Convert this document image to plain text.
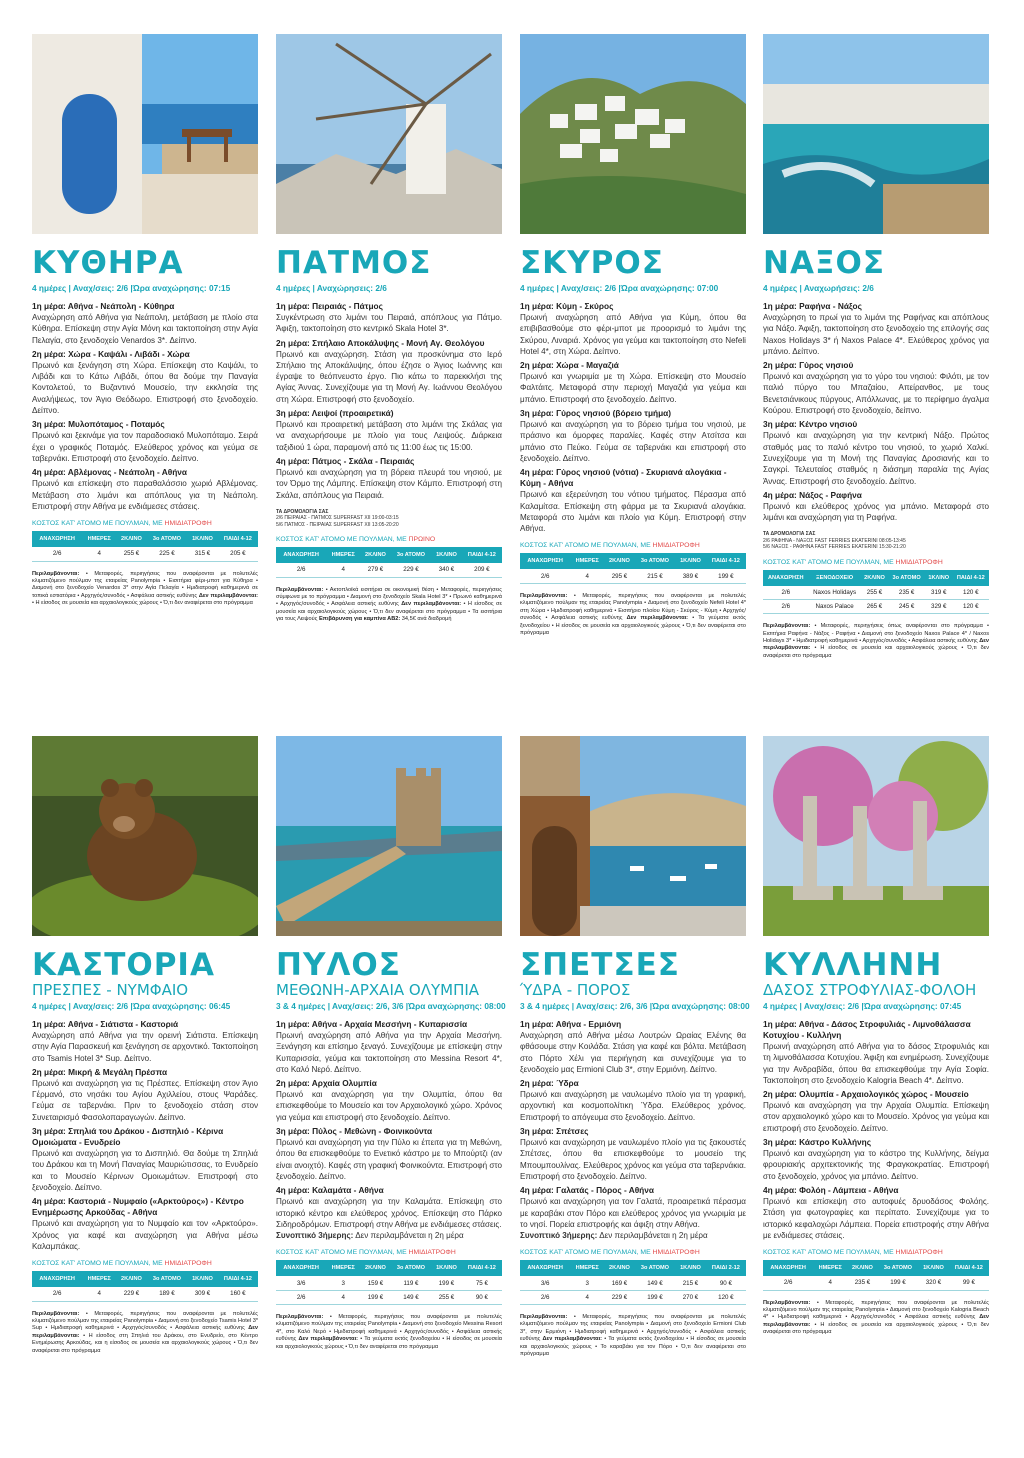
ΚΥΘΗΡΑ
4 ημέρες | Αναχ/σεις: 2/6 |Ώρα αναχώρησης: 07:15
1η μέρα: Αθήνα - Νεάπολη - Κύθηρα
Αναχώρηση από Αθήνα για Νεάπολη, μετάβαση με πλοίο στα Κύθηρα. Επίσκεψη στην Αγία Μόνη και τακτοποίηση στην Αγία Πελαγία, στο ξενοδοχείο Venardos 3*. Δείπνο.
2η μέρα: Χώρα - Καψάλι - Λιβάδι - Χώρα
Πρωινό και ξενάγηση στη Χώρα. Επίσκεψη στο Καψάλι, το Λιβάδι και το Κάτω Λιβάδι, όπου θα δούμε την Παναγία Κοντολετού, το Βυζαντινό Μουσείο, την εκκλησία της Αναλήψεως, τον Άγιο Θεόδωρο. Επιστροφή στο ξενοδοχείο. Δείπνο.
3η μέρα: Μυλοπόταμος - Ποταμός
Πρωινό και ξεκινάμε για τον παραδοσιακό Μυλοπόταμο. Σειρά έχει ο γραφικός Ποταμός. Ελεύθερος χρόνος και γεύμα σε ταβερνάκι. Επιστροφή στο ξενοδοχείο. Δείπνο.
4η μέρα: Αβλέμονας - Νεάπολη - Αθήνα
Πρωινό και επίσκεψη στο παραθαλάσσιο χωριό Αβλέμονας. Μετάβαση στο λιμάνι και απόπλους για τη Νεάπολη. Επιστροφή στην Αθήνα με ενδιάμεσες στάσεις.
ΚΟΣΤΟΣ ΚΑΤ' ΑΤΟΜΟ ΜΕ ΠΟΥΛΜΑΝ, ΜΕ ΗΜΙΔΙΑΤΡΟΦΗ
ΑΝΑΧΩΡΗΣΗ	ΗΜΕΡΕΣ	2ΚΛΙΝΟ	3ο ΑΤΟΜΟ	1ΚΛΙΝΟ	ΠΑΙΔΙ 4-12
2/6	4	255 €	225 €	315 €	205 €
Περιλαμβάνονται: • Μεταφορές, περιηγήσεις που αναφέρονται με πολυτελές κλιματιζόμενο πούλμαν της εταιρείας Panolympia • Εισιτήρια φέρι-μποτ για Κύθηρα • Διαμονή στο ξενοδοχείο Venardos 3* στην Αγία Πελαγία • Ημιδιατροφή καθημερινά σε τοπικά εστιατόρια • Αρχηγός/συνοδός • Ασφάλεια αστικής ευθύνης Δεν περιλαμβάνονται: • Η είσοδος σε μουσεία και αρχαιολογικούς χώρους • Ό,τι δεν αναφέρεται στο πρόγραμμα
ΠΑΤΜΟΣ
4 ημέρες | Αναχώρησεις: 2/6
1η μέρα: Πειραιάς - Πάτμος
Συγκέντρωση στο λιμάνι του Πειραιά, απόπλους για Πάτμο. Άφιξη, τακτοποίηση στο κεντρικό Skala Hotel 3*.
2η μέρα: Σπήλαιο Αποκάλυψης - Μονή Αγ. Θεολόγου
Πρωινό και αναχώρηση. Στάση για προσκύνημα στο Ιερό Σπήλαιο της Αποκάλυψης, όπου έζησε ο Άγιος Ιωάννης και έγραψε το θεόπνευστο έργο. Πιο κάτω το παρεκκλήσι της Αγίας Άννας. Συνεχίζουμε για τη Μονή Αγ. Ιωάννου Θεολόγου στη Χώρα. Επιστροφή στο ξενοδοχείο.
3η μέρα: Λειψοί (προαιρετικά)
Πρωινό και προαιρετική μετάβαση στο λιμάνι της Σκάλας για να αναχωρήσουμε με πλοίο για τους Λειψούς. Διάρκεια ταξιδιού 1 ώρα, παραμονή από τις 11:00 έως τις 15:00.
4η μέρα: Πάτμος - Σκάλα - Πειραιάς
Πρωινό και αναχώρηση για τη βόρεια πλευρά του νησιού, με τον Όρμο της Λάμπης. Επίσκεψη στον Κάμπο. Επιστροφή στη Σκάλα, απόπλους για Πειραιά.
ΤΑ ΔΡΟΜΟΛΟΓΙΑ ΣΑΣ
2/6 ΠΕΙΡΑΙΑΣ - ΠΑΤΜΟΣ SUPERFAST XII 19:00-03:15
5/6 ΠΑΤΜΟΣ - ΠΕΙΡΑΙΑΣ SUPERFAST XII 13:05-20:20
ΚΟΣΤΟΣ ΚΑΤ' ΑΤΟΜΟ ΜΕ ΠΟΥΛΜΑΝ, ΜΕ ΠΡΩΙΝΟ
ΑΝΑΧΩΡΗΣΗ	ΗΜΕΡΕΣ	2ΚΛΙΝΟ	3ο ΑΤΟΜΟ	1ΚΛΙΝΟ	ΠΑΙΔΙ 4-12
2/6	4	279 €	229 €	340 €	209 €
Περιλαμβάνονται: • Ακτοπλοϊκά εισιτήρια σε οικονομική θέση • Μεταφορές, περιηγήσεις σύμφωνα με το πρόγραμμα • Διαμονή στο ξενοδοχείο Skala Hotel 3* • Πρωινό καθημερινά • Αρχηγός/συνοδός • Ασφάλεια αστικής ευθύνης Δεν περιλαμβάνονται: • Η είσοδος σε μουσεία και αρχαιολογικούς χώρους • Ό,τι δεν αναφέρεται στο πρόγραμμα • Τα εισιτήρια για τους Λειψούς Επιβάρυνση για καμπίνα ΑΒ2: 34,5€ ανά διαδρομή
ΣΚΥΡΟΣ
4 ημέρες | Αναχ/σεις: 2/6 |Ώρα αναχώρησης: 07:00
1η μέρα: Κύμη - Σκύρος
Πρωινή αναχώρηση από Αθήνα για Κύμη, όπου θα επιβιβασθούμε στο φέρι-μποτ με προορισμό το λιμάνι της Σκύρου, Λιναριά. Χρόνος για γεύμα και τακτοποίηση στο Nefeli Hotel 4*, στη Χώρα. Δείπνο.
2η μέρα: Χώρα - Μαγαζιά
Πρωινό και γνωριμία με τη Χώρα. Επίσκεψη στο Μουσείο Φαλτάιτς. Μεταφορά στην περιοχή Μαγαζιά για γεύμα και μπάνιο. Επιστροφή στο ξενοδοχείο. Δείπνο.
3η μέρα: Γύρος νησιού (βόρειο τμήμα)
Πρωινό και αναχώρηση για το βόρειο τμήμα του νησιού, με πράσινο και όμορφες παραλίες. Καφές στην Ατσίτσα και μπάνιο στο Πεύκο. Γεύμα σε ταβερνάκι και επιστροφή στο ξενοδοχείο. Δείπνο.
4η μέρα: Γύρος νησιού (νότια) - Σκυριανά αλογάκια - Κύμη - Αθήνα
Πρωινό και εξερεύνηση του νότιου τμήματος. Πέρασμα από Καλαμίτσα. Επίσκεψη στη φάρμα με τα Σκυριανά αλογάκια. Μεταφορά στο λιμάνι και πλοίο για Κύμη. Επιστροφή στην Αθήνα.
ΚΟΣΤΟΣ ΚΑΤ' ΑΤΟΜΟ ΜΕ ΠΟΥΛΜΑΝ, ΜΕ ΗΜΙΔΙΑΤΡΟΦΗ
ΑΝΑΧΩΡΗΣΗ	ΗΜΕΡΕΣ	2ΚΛΙΝΟ	3ο ΑΤΟΜΟ	1ΚΛΙΝΟ	ΠΑΙΔΙ 4-12
2/6	4	295 €	215 €	389 €	199 €
Περιλαμβάνονται: • Μεταφορές, περιηγήσεις που αναφέρονται με πολυτελές κλιματιζόμενο πούλμαν της εταιρείας Panolympia • Διαμονή στο ξενοδοχείο Nefeli Hotel 4* στη Χώρα • Ημιδιατροφή καθημερινά • Εισιτήριο πλοίου Κύμη - Σκύρος - Κύμη • Αρχηγός/συνοδός • Ασφάλεια αστικής ευθύνης Δεν περιλαμβάνονται: • Τα γεύματα εκτός ξενοδοχείου • Η είσοδος σε μουσεία και αρχαιολογικούς χώρους • Ό,τι δεν αναφέρεται στο πρόγραμμα
ΝΑΞΟΣ
4 ημέρες | Αναχωρήσεις: 2/6
1η μέρα: Ραφήνα - Νάξος
Αναχώρηση το πρωί για το λιμάνι της Ραφήνας και απόπλους για Νάξο. Άφιξη, τακτοποίηση στο ξενοδοχείο της επιλογής σας Naxos Holidays 3* ή Naxos Palace 4*. Ελεύθερος χρόνος για μπάνιο. Δείπνο.
2η μέρα: Γύρος νησιού
Πρωινό και αναχώρηση για το γύρο του νησιού: Φιλότι, με τον παλιό πύργο του Μπαζαίου, Απείρανθος, με τους Βενετσιάνικους πύργους, Απόλλωνας, με το περίφημο άγαλμα Κούρου. Επιστροφή στο ξενοδοχείο, δείπνο.
3η μέρα: Κέντρο νησιού
Πρωινό και αναχώρηση για την κεντρική Νάξο. Πρώτος σταθμός μας το παλιό κέντρο του νησιού, το χωριό Χαλκί. Συνεχίζουμε για τη Μονή της Παναγίας Δροσιανής και το Σαγκρί. Τελευταίος σταθμός η διάσημη παραλία της Αγίας Άννας. Επιστροφή στο ξενοδοχείο. Δείπνο.
4η μέρα: Νάξος - Ραφήνα
Πρωινό και ελεύθερος χρόνος για μπάνιο. Μεταφορά στο λιμάνι και αναχώρηση για τη Ραφήνα.
ΤΑ ΔΡΟΜΟΛΟΓΙΑ ΣΑΣ
2/6 ΡΑΦΗΝΑ - ΝΑΞΟΣ FAST FERRIES EKATERINI 08:05-13:45
5/6 ΝΑΞΟΣ - ΡΑΦΗΝΑ FAST FERRIES EKATERINI 15:30-21:20
ΚΟΣΤΟΣ ΚΑΤ' ΑΤΟΜΟ ΜΕ ΠΟΥΛΜΑΝ, ΜΕ ΗΜΙΔΙΑΤΡΟΦΗ
ΑΝΑΧΩΡΗΣΗ	ΞΕΝΟΔΟΧΕΙΟ	2ΚΛΙΝΟ	3ο ΑΤΟΜΟ	1ΚΛΙΝΟ	ΠΑΙΔΙ 4-12
2/6	Naxos Holidays	255 €	235 €	319 €	120 €
2/6	Naxos Palace	265 €	245 €	329 €	120 €
Περιλαμβάνονται: • Μεταφορές, περιηγήσεις όπως αναφέρονται στο πρόγραμμα • Εισιτήρια Ραφήνα - Νάξος - Ραφήνα • Διαμονή στο ξενοδοχείο Naxos Palace 4* / Naxos Holidays 3* • Ημιδιατροφή καθημερινά • Αρχηγός/συνοδός • Ασφάλεια αστικής ευθύνης Δεν περιλαμβάνονται: • Η είσοδος σε μουσεία και αρχαιολογικούς χώρους • Ό,τι δεν αναφέρεται στο πρόγραμμα
ΚΑΣΤΟΡΙΑ
ΠΡΕΣΠΕΣ - ΝΥΜΦΑΙΟ
4 ημέρες | Αναχ/σεις: 2/6 |Ώρα αναχώρησης: 06:45
1η μέρα: Αθήνα - Σιάτιστα - Καστοριά
Αναχώρηση από Αθήνα για την ορεινή Σιάτιστα. Επίσκεψη στην Αγία Παρασκευή και ξενάγηση σε αρχοντικό. Τακτοποίηση στο Tsamis Hotel 3* Sup. Δείπνο.
2η μέρα: Μικρή & Μεγάλη Πρέσπα
Πρωινό και αναχώρηση για τις Πρέσπες. Επίσκεψη στον Άγιο Γέρμανό, στο νησάκι του Αγίου Αχιλλείου, στους Ψαράδες. Γεύμα σε ταβερνάκι. Πριν το ξενοδοχείο στάση στον Συνεταιρισμό Φασολοπαραγωγών. Δείπνο.
3η μέρα: Σπηλιά του Δράκου - Δισπηλιό - Κέρινα Ομοιώματα - Ενυδρείο
Πρωινό και αναχώρηση για το Δισπηλιό. Θα δούμε τη Σπηλιά του Δράκου και τη Μονή Παναγίας Μαυριώτισσας, το Ενυδρείο και το Μουσείο Κέρινων Ομοιωμάτων. Επιστροφή στο ξενοδοχείο. Δείπνο.
4η μέρα: Καστοριά - Νυμφαίο («Αρκτούρος») - Κέντρο Ενημέρωσης Αρκούδας - Αθήνα
Πρωινό και αναχώρηση για το Νυμφαίο και τον «Αρκτούρο». Χρόνος για καφέ και αναχώρηση για Αθήνα μέσω Καλαμπάκας.
ΚΟΣΤΟΣ ΚΑΤ' ΑΤΟΜΟ ΜΕ ΠΟΥΛΜΑΝ, ΜΕ ΗΜΙΔΙΑΤΡΟΦΗ
ΑΝΑΧΩΡΗΣΗ	ΗΜΕΡΕΣ	2ΚΛΙΝΟ	3ο ΑΤΟΜΟ	1ΚΛΙΝΟ	ΠΑΙΔΙ 4-12
2/6	4	229 €	189 €	309 €	160 €
Περιλαμβάνονται: • Μεταφορές, περιηγήσεις που αναφέρονται με πολυτελές κλιματιζόμενο πούλμαν της εταιρείας Panolympia • Διαμονή στο ξενοδοχείο Tsamis Hotel 3* Sup • Ημιδιατροφή καθημερινά • Αρχηγός/συνοδός • Ασφάλεια αστικής ευθύνης Δεν περιλαμβάνονται: • Η είσοδος στη Σπηλιά του Δράκου, στο Ενυδρείο, στο Κέντρο Ενημέρωσης Αρκούδας, και η είσοδος σε μουσεία και αρχαιολογικούς χώρους • Ό,τι δεν αναφέρεται στο πρόγραμμα
ΠΥΛΟΣ
ΜΕΘΩΝΗ-ΑΡΧΑΙΑ ΟΛΥΜΠΙΑ
3 & 4 ημέρες | Αναχ/σεις: 2/6, 3/6 |Ώρα αναχώρησης: 08:00
1η μέρα: Αθήνα - Αρχαία Μεσσήνη - Κυπαρισσία
Πρωινή αναχώρηση από Αθήνα για την Αρχαία Μεσσήνη. Ξενάγηση και επίσημο ξεναγό. Συνεχίζουμε με επίσκεψη στην Κυπαρισσία, γεύμα και τακτοποίηση στο Messina Resort 4*, στο Καλό Νερό. Δείπνο.
2η μέρα: Αρχαία Ολυμπία
Πρωινό και αναχώρηση για την Ολυμπία, όπου θα επισκεφθούμε το Μουσείο και τον Αρχαιολογικό χώρο. Χρόνος για γεύμα και επιστροφή στο ξενοδοχείο. Δείπνο.
3η μέρα: Πύλος - Μεθώνη - Φοινικούντα
Πρωινό και αναχώρηση για την Πύλο κι έπειτα για τη Μεθώνη, όπου θα επισκεφθούμε το Ενετικό κάστρο με το Μπούρτζι (αν είναι ανοιχτό). Καφές στη γραφική Φοινικούντα. Επιστροφή στο ξενοδοχείο. Δείπνο.
4η μέρα: Καλαμάτα - Αθήνα
Πρωινό και αναχώρηση για την Καλαμάτα. Επίσκεψη στο ιστορικό κέντρο και ελεύθερος χρόνος. Επίσκεψη στο Πάρκο Σιδηροδρόμων. Επιστροφή στην Αθήνα με ενδιάμεσες στάσεις.
Συνοπτικό 3ήμερης: Δεν περιλαμβάνεται η 2η μέρα
ΚΟΣΤΟΣ ΚΑΤ' ΑΤΟΜΟ ΜΕ ΠΟΥΛΜΑΝ, ΜΕ ΗΜΙΔΙΑΤΡΟΦΗ
ΑΝΑΧΩΡΗΣΗ	ΗΜΕΡΕΣ	2ΚΛΙΝΟ	3ο ΑΤΟΜΟ	1ΚΛΙΝΟ	ΠΑΙΔΙ 4-12
3/6	3	159 €	119 €	199 €	75 €
2/6	4	199 €	149 €	255 €	90 €
Περιλαμβάνονται: • Μεταφορές, περιηγήσεις που αναφέρονται με πολυτελές κλιματιζόμενο πούλμαν της εταιρείας Panolympia • Διαμονή στο ξενοδοχείο Messina Resort 4*, στο Καλό Νερό • Ημιδιατροφή καθημερινά • Αρχηγός/συνοδός • Ασφάλεια αστικής ευθύνης Δεν περιλαμβάνονται: • Τα γεύματα εκτός ξενοδοχείου • Η είσοδος σε μουσεία και αρχαιολογικούς χώρους • Ό,τι δεν αναφέρεται στο πρόγραμμα
ΣΠΕΤΣΕΣ
ΎΔΡΑ - ΠΟΡΟΣ
3 & 4 ημέρες | Αναχ/σεις: 2/6, 3/6 |Ώρα αναχώρησης: 08:00
1η μέρα: Αθήνα - Ερμιόνη
Αναχώρηση από Αθήνα μέσω Λουτρών Ωραίας Ελένης θα φθάσουμε στην Κοιλάδα. Στάση για καφέ και βόλτα. Μετάβαση στο Πόρτο Χέλι για περιήγηση και συνεχίζουμε για το ξενοδοχείο μας Ermioni Club 3*, στην Ερμιόνη. Δείπνο.
2η μέρα: Ύδρα
Πρωινό και αναχώρηση με ναυλωμένο πλοίο για τη γραφική, αρχοντική και κοσμοπολίτικη Ύδρα. Ελεύθερος χρόνος. Επιστροφή το απόγευμα στο ξενοδοχείο. Δείπνο.
3η μέρα: Σπέτσες
Πρωινό και αναχώρηση με ναυλωμένο πλοίο για τις ξακουστές Σπέτσες, όπου θα επισκεφθούμε το μουσείο της Μπουμπουλίνας. Ελεύθερος χρόνος και γεύμα στα ταβερνάκια. Επιστροφή στο ξενοδοχείο. Δείπνο.
4η μέρα: Γαλατάς - Πόρος - Αθήνα
Πρωινό και αναχώρηση για τον Γαλατά, προαιρετικά πέρασμα με καραβάκι στον Πόρο και ελεύθερος χρόνος για γνωριμία με το νησί. Πορεία επιστροφής και άφιξη στην Αθήνα.
Συνοπτικό 3ήμερης: Δεν περιλαμβάνεται η 2η μέρα
ΚΟΣΤΟΣ ΚΑΤ' ΑΤΟΜΟ ΜΕ ΠΟΥΛΜΑΝ, ΜΕ ΗΜΙΔΙΑΤΡΟΦΗ
ΑΝΑΧΩΡΗΣΗ	ΗΜΕΡΕΣ	2ΚΛΙΝΟ	3ο ΑΤΟΜΟ	1ΚΛΙΝΟ	ΠΑΙΔΙ 2-12
3/6	3	169 €	149 €	215 €	90 €
2/6	4	229 €	199 €	270 €	120 €
Περιλαμβάνονται: • Μεταφορές, περιηγήσεις που αναφέρονται με πολυτελές κλιματιζόμενο πούλμαν της εταιρείας Panolympia • Διαμονή στο ξενοδοχείο Ermioni Club 3*, στην Ερμιόνη • Ημιδιατροφή καθημερινά • Αρχηγός/συνοδός • Ασφάλεια αστικής ευθύνης Δεν περιλαμβάνονται: • Τα γεύματα εκτός ξενοδοχείου • Η είσοδος σε μουσεία και αρχαιολογικούς χώρους • Το καραβάκι για τον Πόρο • Ό,τι δεν αναφέρεται στο πρόγραμμα
ΚΥΛΛΗΝΗ
ΔΑΣΟΣ ΣΤΡΟΦΥΛΙΑΣ-ΦΟΛΟΗ
4 ημέρες | Αναχ/σεις: 2/6 |Ώρα αναχώρησης: 07:45
1η μέρα: Αθήνα - Δάσος Στροφυλιάς - Λιμνοθάλασσα Κοτυχίου - Κυλλήνη
Πρωινή αναχώρηση από Αθήνα για το δάσος Στροφυλιάς και τη λιμνοθάλασσα Κοτυχίου. Άφιξη και ενημέρωση. Συνεχίζουμε για την Ανδραβίδα, όπου θα επισκεφθούμε την Αγία Σοφία. Τακτοποίηση στο ξενοδοχείο Kalogria Beach 4*. Δείπνο.
2η μέρα: Ολυμπία - Αρχαιολογικός χώρος - Μουσείο
Πρωινό και αναχώρηση για την Αρχαία Ολυμπία. Επίσκεψη στον αρχαιολογικό χώρο και το Μουσείο. Χρόνος για γεύμα και επιστροφή στο ξενοδοχείο. Δείπνο.
3η μέρα: Κάστρο Κυλλήνης
Πρωινό και αναχώρηση για το κάστρο της Κυλλήνης, δείγμα φρουριακής αρχιτεκτονικής της Φραγκοκρατίας. Επιστροφή στο ξενοδοχείο, χρόνος για μπάνιο. Δείπνο.
4η μέρα: Φολόη - Λάμπεια - Αθήνα
Πρωινό και επίσκεψη στο αυτοφυές δρυοδάσος Φολόης. Στάση για φωτογραφίες και περίπατο. Συνεχίζουμε για το ιστορικό κεφαλοχώρι Λάμπεια. Πορεία επιστροφής στην Αθήνα με ενδιάμεσες στάσεις.
ΚΟΣΤΟΣ ΚΑΤ' ΑΤΟΜΟ ΜΕ ΠΟΥΛΜΑΝ, ΜΕ ΗΜΙΔΙΑΤΡΟΦΗ
ΑΝΑΧΩΡΗΣΗ	ΗΜΕΡΕΣ	2ΚΛΙΝΟ	3ο ΑΤΟΜΟ	1ΚΛΙΝΟ	ΠΑΙΔΙ 4-12
2/6	4	235 €	199 €	320 €	99 €
Περιλαμβάνονται: • Μεταφορές, περιηγήσεις που αναφέρονται με πολυτελές κλιματιζόμενο πούλμαν της εταιρείας Panolympia • Διαμονή στο ξενοδοχείο Kalogria Beach 4* • Ημιδιατροφή καθημερινά • Αρχηγός/συνοδός • Ασφάλεια αστικής ευθύνης Δεν περιλαμβάνονται: • Η είσοδος σε μουσεία και αρχαιολογικούς χώρους • Ό,τι δεν αναφέρεται στο πρόγραμμα
